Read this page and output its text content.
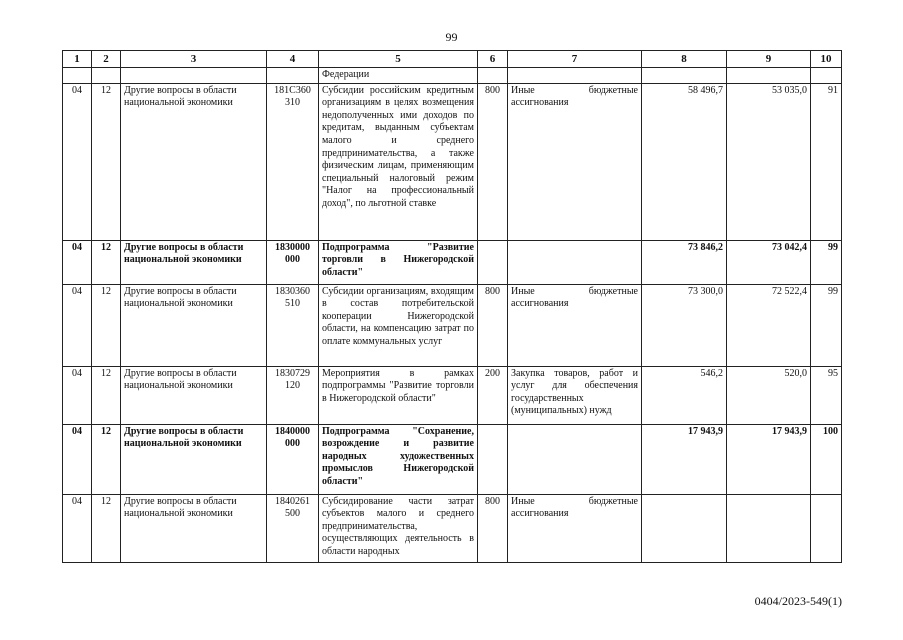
99
1	2	3	4	5	6	7	8	9	10
				Федерации					
04	12	Другие вопросы в области национальной экономики	181С360 310	Субсидии российским кредитным организациям в целях возмещения недополученных ими доходов по кредитам, выданным субъектам малого и среднего предпринимательства, а также физическим лицам, применяющим специальный налоговый режим "Налог на профессиональный доход", по льготной ставке	800	Иные бюджетные ассигнования	58 496,7	53 035,0	91
04	12	Другие вопросы в области национальной экономики	1830000 000	Подпрограмма "Развитие торговли в Нижегородской области"			73 846,2	73 042,4	99
04	12	Другие вопросы в области национальной экономики	1830360 510	Субсидии организациям, входящим в состав потребительской кооперации Нижегородской области, на компенсацию затрат по оплате коммунальных услуг	800	Иные бюджетные ассигнования	73 300,0	72 522,4	99
04	12	Другие вопросы в области национальной экономики	1830729 120	Мероприятия в рамках подпрограммы "Развитие торговли в Нижегородской области"	200	Закупка товаров, работ и услуг для обеспечения государственных (муниципальных) нужд	546,2	520,0	95
04	12	Другие вопросы в области национальной экономики	1840000 000	Подпрограмма "Сохранение, возрождение и развитие народных художественных промыслов Нижегородской области"			17 943,9	17 943,9	100
04	12	Другие вопросы в области национальной экономики	1840261 500	Субсидирование части затрат субъектов малого и среднего предпринимательства, осуществляющих деятельность в области народных	800	Иные бюджетные ассигнования			
0404/2023-549(1)
